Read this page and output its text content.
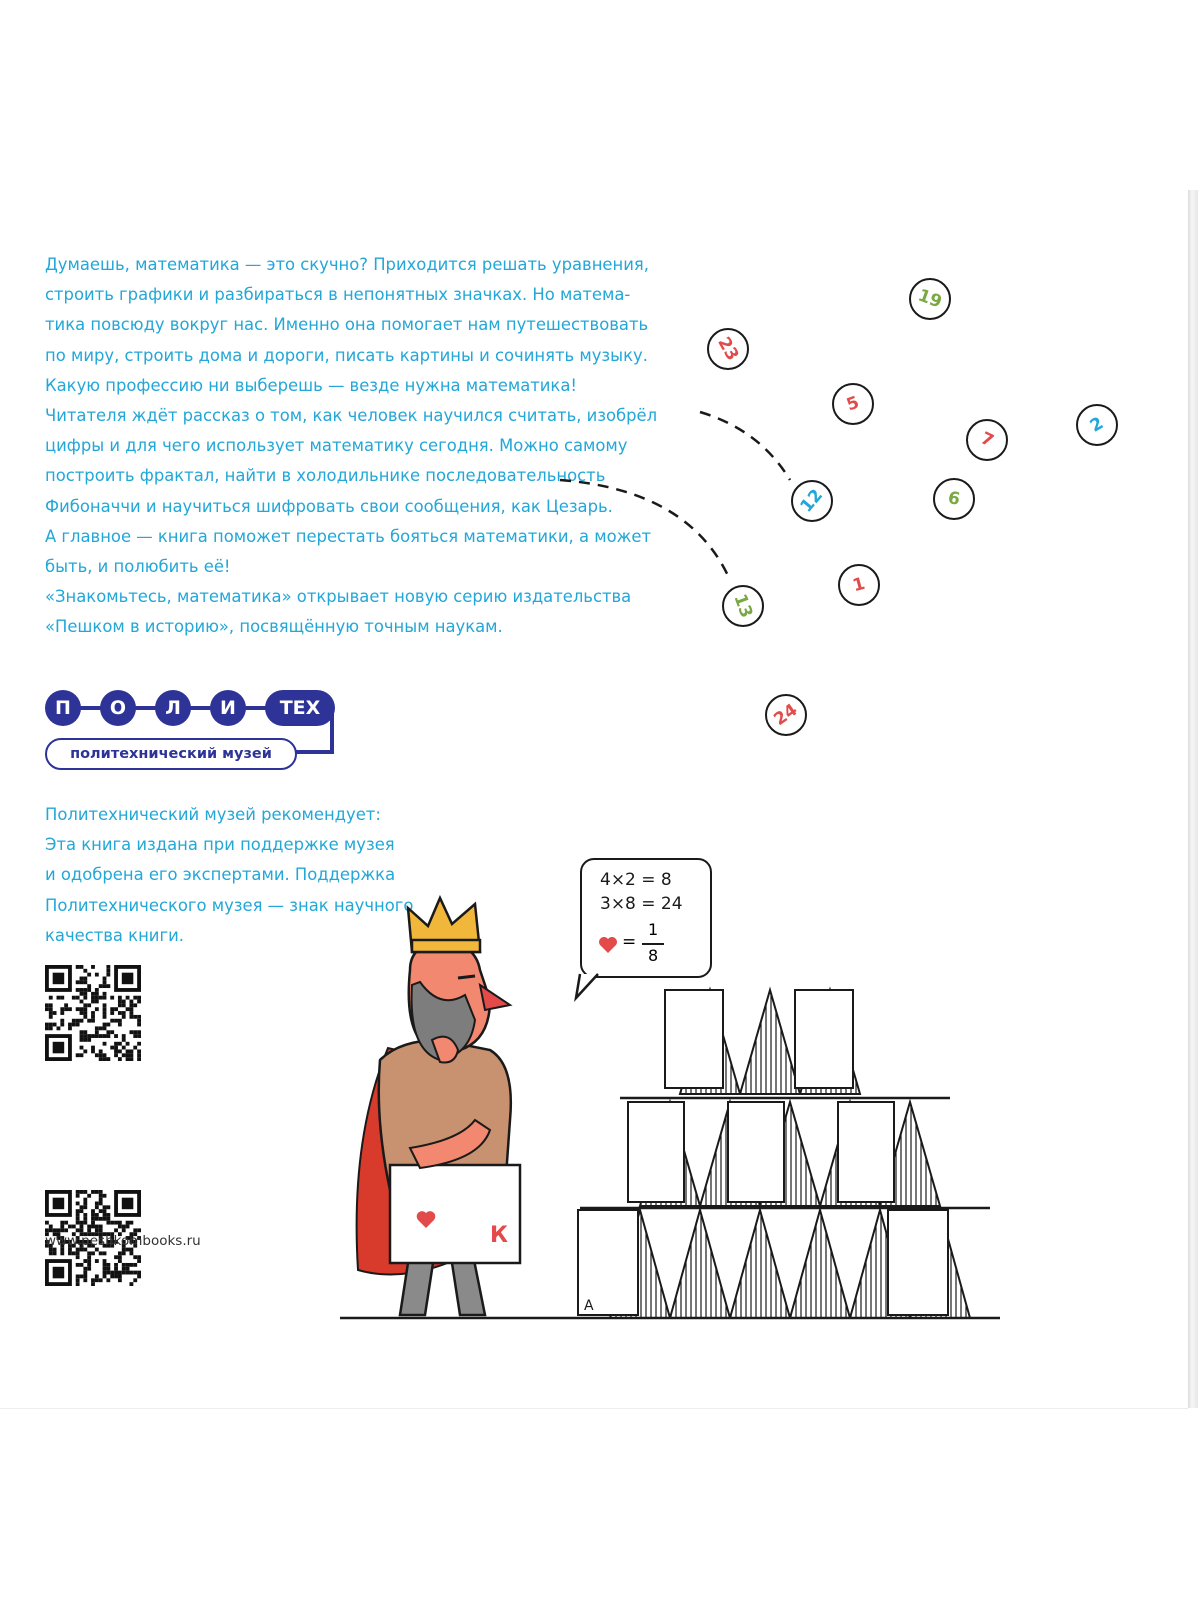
Думаешь, математика — это скучно? Приходится решать уравнения,
строить графики и разбираться в непонятных значках. Но матема-
тика повсюду вокруг нас. Именно она помогает нам путешествовать
по миру, строить дома и дороги, писать картины и сочинять музыку.
Какую профессию ни выберешь — везде нужна математика!
Читателя ждёт рассказ о том, как человек научился считать, изобрёл
цифры и для чего использует математику сегодня. Можно самому
построить фрактал, найти в холодильнике последовательность
Фибоначчи и научиться шифровать свои сообщения, как Цезарь.
А главное — книга поможет перестать бояться математики, а может
быть, и полюбить её!
«Знакомьтесь, математика» открывает новую серию издательства
«Пешком в историю», посвящённую точным наукам.

19
23
5
7
2
12	6
1
13
24
П	О	Л	И	ТЕХ
политехнический музей

Политехнический музей рекомендует:
Эта книга издана при поддержке музея
и одобрена его экспертами. Поддержка
Политехнического музея — знак научного
качества книги.

www.peshkombooks.ru
4×2 = 8
3×8 = 24
=
1
8
К
А
